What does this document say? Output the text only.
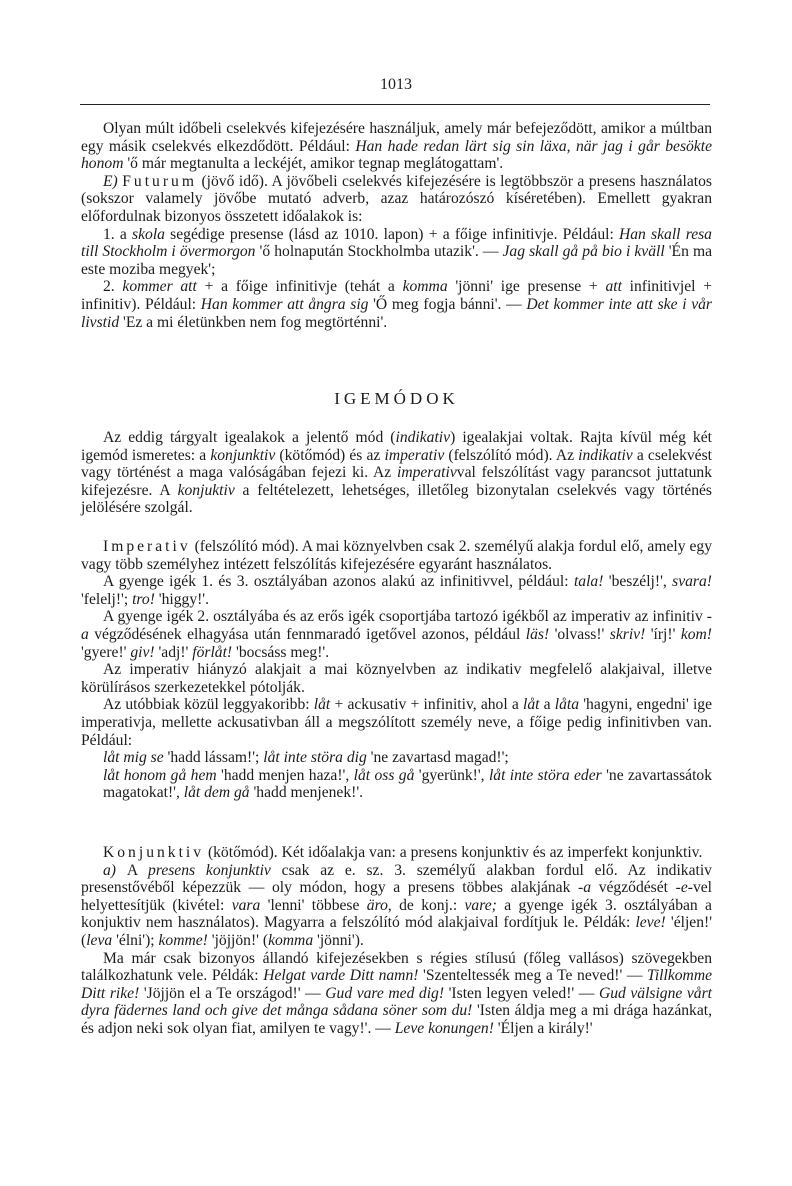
1013

Olyan múlt időbeli cselekvés kifejezésére használjuk, amely már befejeződött, amikor a múltban egy másik cselekvés elkezdődött. Például: Han hade redan lärt sig sin läxa, när jag i går besökte honom 'ő már megtanulta a leckéjét, amikor tegnap meglátogattam'.

E) Futurum (jövő idő). A jövőbeli cselekvés kifejezésére is legtöbbször a presens használatos (sokszor valamely jövőbe mutató adverb, azaz határozószó kíséretében). Emellett gyakran előfordulnak bizonyos összetett időalakok is:

1. a skola segédige presense (lásd az 1010. lapon) + a főige infinitivje. Például: Han skall resa till Stockholm i övermorgon 'ő holnapután Stockholmba utazik'. — Jag skall gå på bio i kväll 'Én ma este moziba megyek';

2. kommer att + a főige infinitivje (tehát a komma 'jönni' ige presense + att infinitivjel + infinitiv). Például: Han kommer att ångra sig 'Ő meg fogja bánni'. — Det kommer inte att ske i vår livstid 'Ez a mi életünkben nem fog megtörténni'.

IGEMÓDOK

Az eddig tárgyalt igealakok a jelentő mód (indikativ) igealakjai voltak. Rajta kívül még két igemód ismeretes: a konjunktiv (kötőmód) és az imperativ (felszólító mód). Az indikativ a cselekvést vagy történést a maga valóságában fejezi ki. Az imperativval felszólítást vagy parancsot juttatunk kifejezésre. A konjuktiv a feltételezett, lehetséges, illetőleg bizonytalan cselekvés vagy történés jelölésére szolgál.

Imperativ (felszólító mód). A mai köznyelvben csak 2. személyű alakja fordul elő, amely egy vagy több személyhez intézett felszólítás kifejezésére egyaránt használatos.

A gyenge igék 1. és 3. osztályában azonos alakú az infinitivvel, például: tala! 'beszélj!', svara! 'felelj!'; tro! 'higgy!'.

A gyenge igék 2. osztályába és az erős igék csoportjába tartozó igékből az imperativ az infinitiv -a végződésének elhagyása után fennmaradó igetővel azonos, például läs! 'olvass!' skriv! 'írj!' kom! 'gyere!' giv! 'adj!' förlåt! 'bocsáss meg!'.

Az imperativ hiányzó alakjait a mai köznyelvben az indikativ megfelelő alakjaival, illetve körülírásos szerkezetekkel pótolják.

Az utóbbiak közül leggyakoribb: låt + ackusativ + infinitiv, ahol a låt a låta 'hagyni, engedni' ige imperativja, mellette ackusativban áll a megszólított személy neve, a főige pedig infinitivben van. Például:

låt mig se 'hadd lássam!'; låt inte störa dig 'ne zavartasd magad!';

låt honom gå hem 'hadd menjen haza!', låt oss gå 'gyerünk!', låt inte störa eder 'ne zavartassátok magatokat!', låt dem gå 'hadd menjenek!'.

Konjunktiv (kötőmód). Két időalakja van: a presens konjunktiv és az imperfekt konjunktiv.

a) A presens konjunktiv csak az e. sz. 3. személyű alakban fordul elő. Az indikativ presenstővéből képezzük — oly módon, hogy a presens többes alakjának -a végződését -e-vel helyettesítjük (kivétel: vara 'lenni' többese äro, de konj.: vare; a gyenge igék 3. osztályában a konjuktiv nem használatos). Magyarra a felszólító mód alakjaival fordítjuk le. Példák: leve! 'éljen!' (leva 'élni'); komme! 'jöjjön!' (komma 'jönni').

Ma már csak bizonyos állandó kifejezésekben s régies stílusú (főleg vallásos) szövegekben találkozhatunk vele. Példák: Helgat varde Ditt namn! 'Szenteltessék meg a Te neved!' — Tillkomme Ditt rike! 'Jöjjön el a Te országod!' — Gud vare med dig! 'Isten legyen veled!' — Gud välsigne vårt dyra fädernes land och give det många sådana söner som du! 'Isten áldja meg a mi drága hazánkat, és adjon neki sok olyan fiat, amilyen te vagy!'. — Leve konungen! 'Éljen a király!'
